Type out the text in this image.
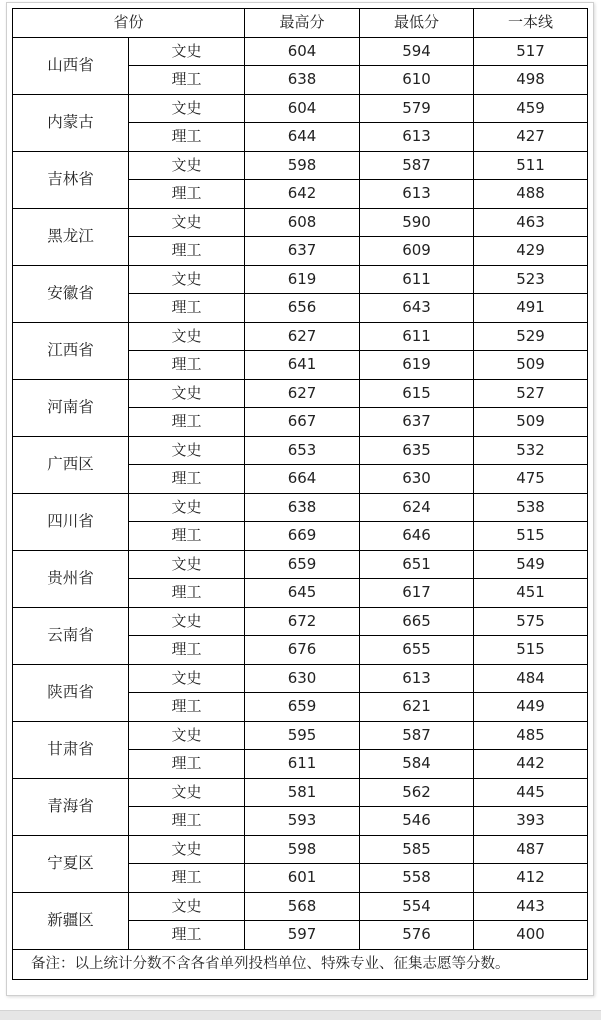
省份		最高分	最低分	一本线
山西省	文史	604	594	517
	理工	638	610	498
内蒙古	文史	604	579	459
	理工	644	613	427
吉林省	文史	598	587	511
	理工	642	613	488
黑龙江	文史	608	590	463
	理工	637	609	429
安徽省	文史	619	611	523
	理工	656	643	491
江西省	文史	627	611	529
	理工	641	619	509
河南省	文史	627	615	527
	理工	667	637	509
广西区	文史	653	635	532
	理工	664	630	475
四川省	文史	638	624	538
	理工	669	646	515
贵州省	文史	659	651	549
	理工	645	617	451
云南省	文史	672	665	575
	理工	676	655	515
陕西省	文史	630	613	484
	理工	659	621	449
甘肃省	文史	595	587	485
	理工	611	584	442
青海省	文史	581	562	445
	理工	593	546	393
宁夏区	文史	598	585	487
	理工	601	558	412
新疆区	文史	568	554	443
	理工	597	576	400
备注：以上统计分数不含各省单列投档单位、特殊专业、征集志愿等分数。				
